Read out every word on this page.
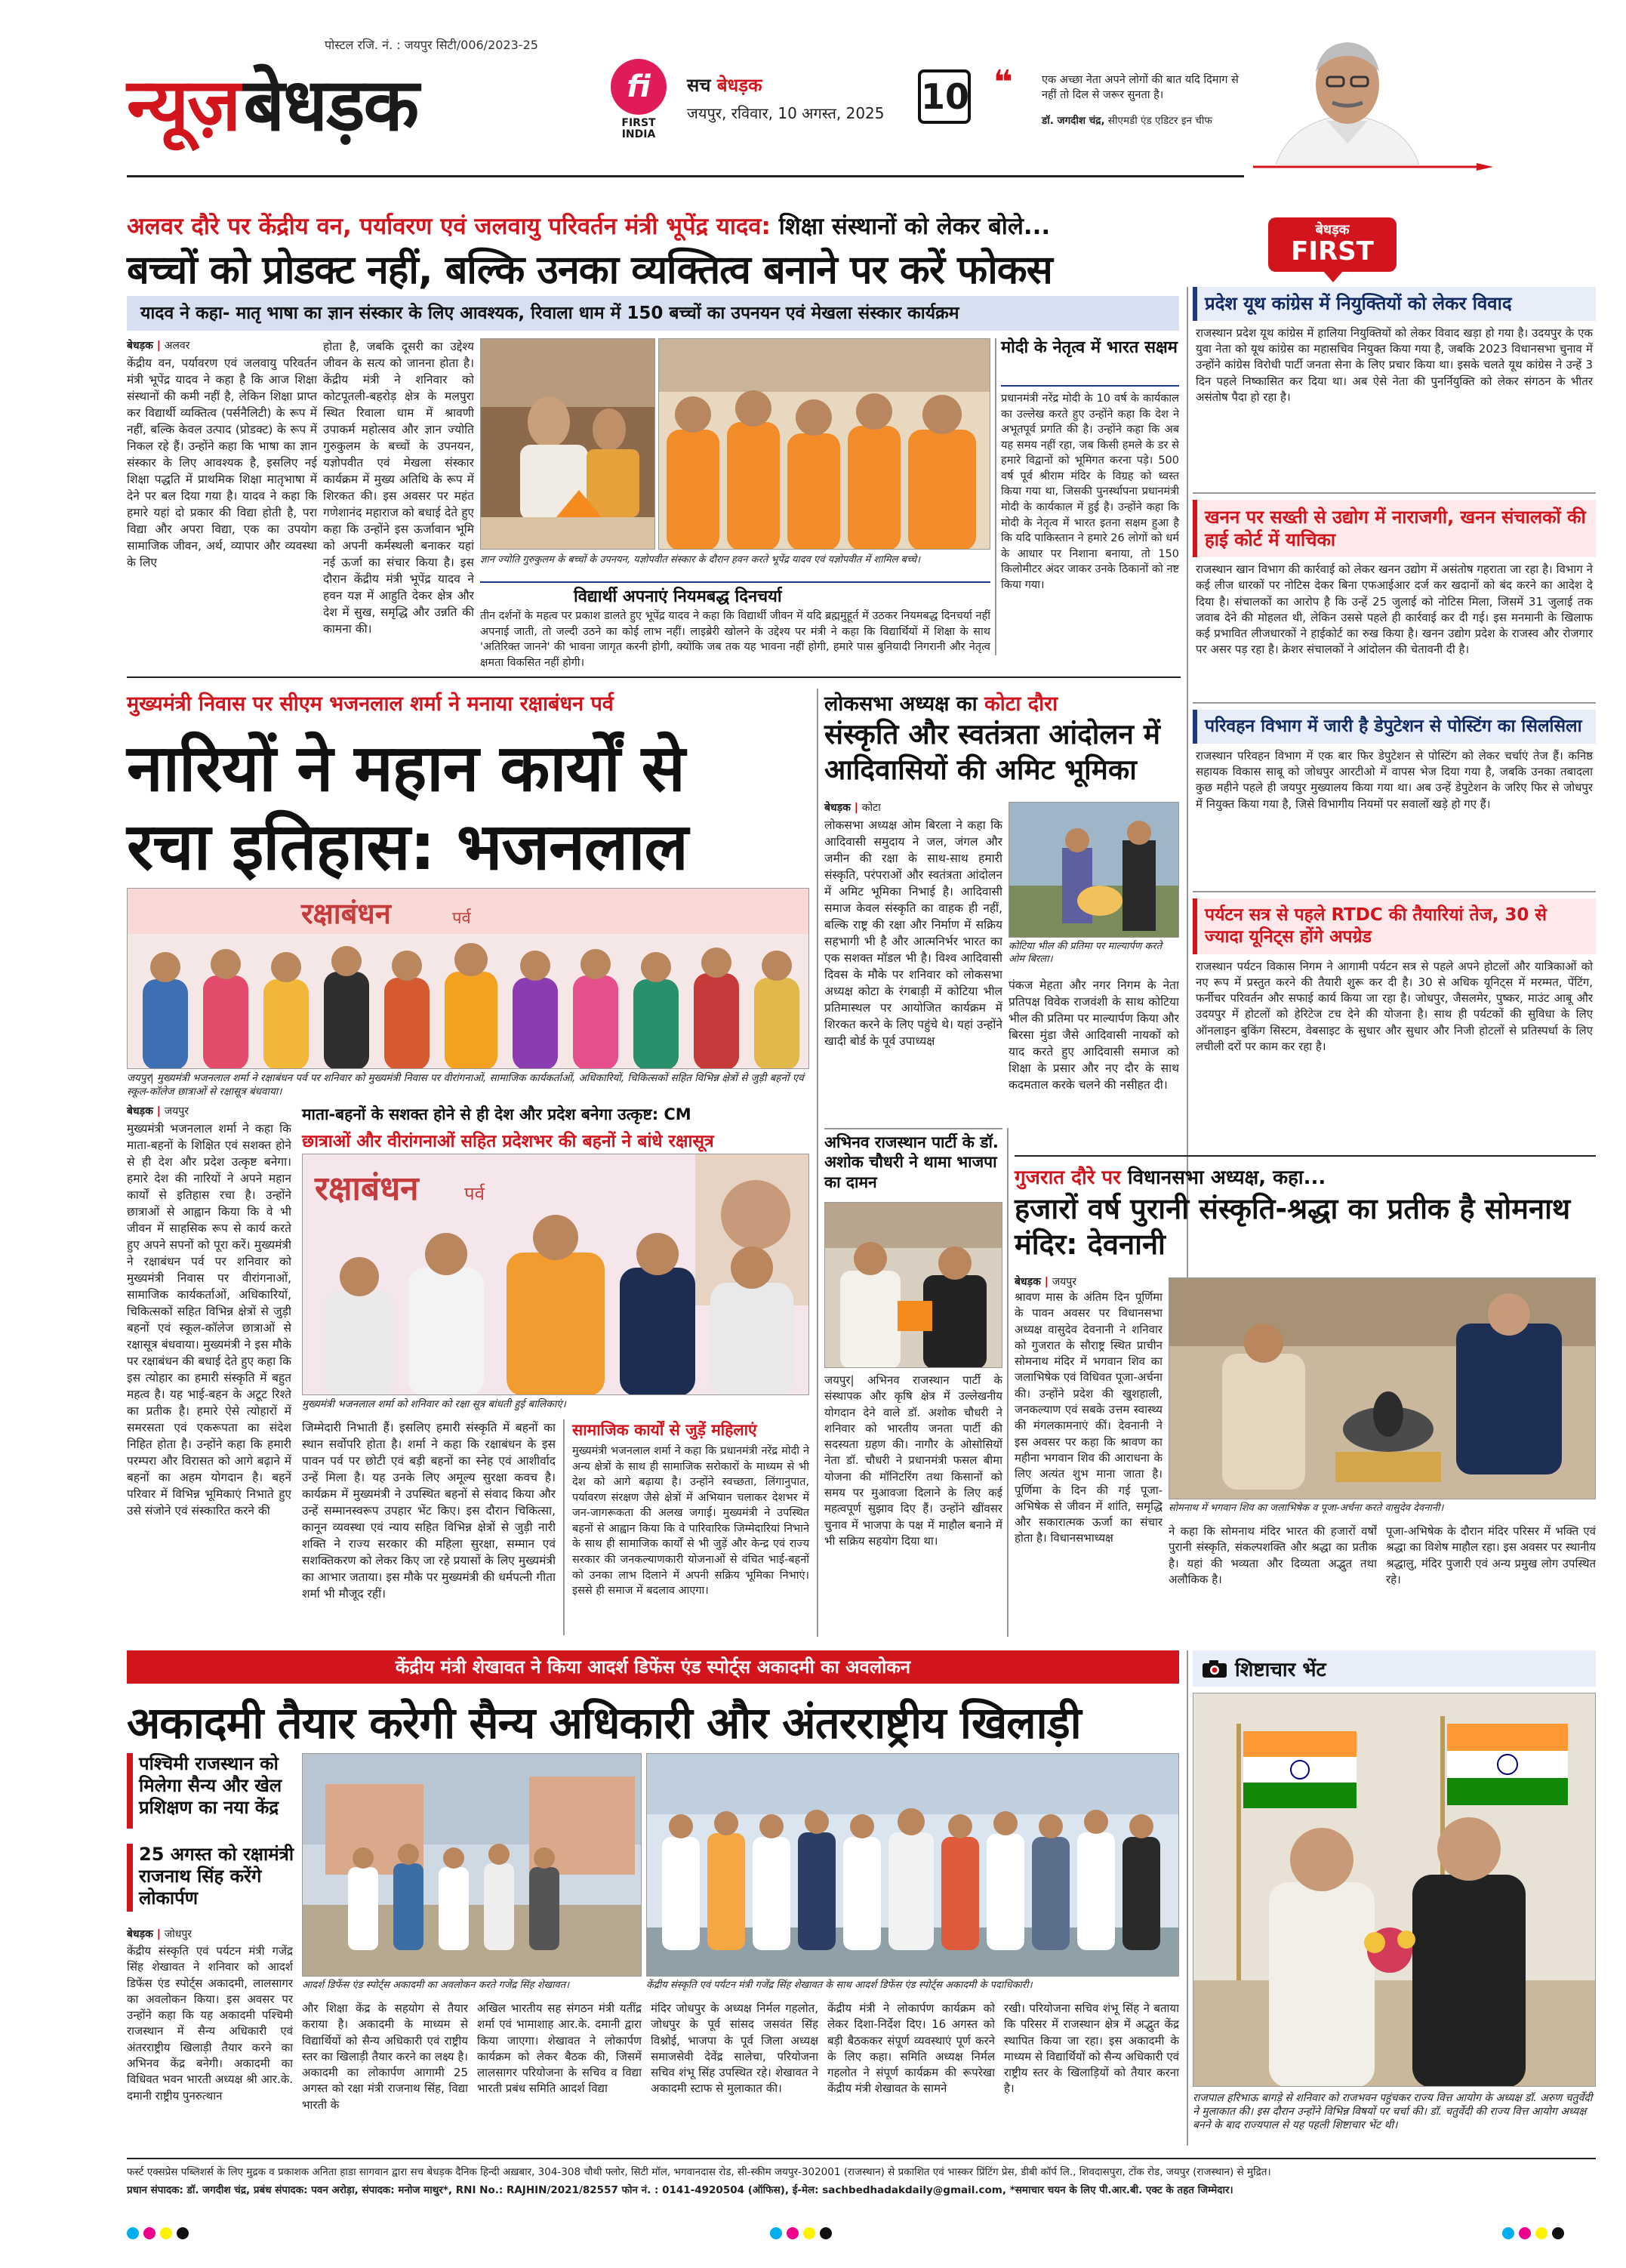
पोस्टल रजि. नं. : जयपुर सिटी/006/2023-25
न्यूज़ बेधड़क	fi
FIRST INDIA
सच बेधड़क
जयपुर, रविवार, 10 अगस्त, 2025 10 ❝	एक अच्छा नेता अपने लोगों की बात यदि दिमाग से नहीं तो दिल से जरूर सुनता है।
डॉ. जगदीश चंद्र, सीएमडी एंड एडिटर इन चीफ
बेधड़क
FIRST
अलवर दौरे पर केंद्रीय वन, पर्यावरण एवं जलवायु परिवर्तन मंत्री भूपेंद्र यादव: शिक्षा संस्थानों को लेकर बोले...
बच्चों को प्रोडक्ट नहीं, बल्कि उनका व्यक्तित्व बनाने पर करें फोकस
यादव ने कहा- मातृ भाषा का ज्ञान संस्कार के लिए आवश्यक, रिवाला धाम में 150 बच्चों का उपनयन एवं मेखला संस्कार कार्यक्रम
बेधड़क | अलवर
केंद्रीय वन, पर्यावरण एवं जलवायु परिवर्तन मंत्री भूपेंद्र यादव ने कहा है कि आज शिक्षा संस्थानों की कमी नहीं है, लेकिन शिक्षा प्राप्त कर विद्यार्थी व्यक्तित्व (पर्सनैलिटी) के रूप में नहीं, बल्कि केवल उत्पाद (प्रोडक्ट) के रूप में निकल रहे हैं। उन्होंने कहा कि भाषा का ज्ञान संस्कार के लिए आवश्यक है, इसलिए नई शिक्षा पद्धति में प्राथमिक शिक्षा मातृभाषा में देने पर बल दिया गया है। यादव ने कहा कि हमारे यहां दो प्रकार की विद्या होती है, परा विद्या और अपरा विद्या, एक का उपयोग सामाजिक जीवन, अर्थ, व्यापार और व्यवस्था के लिए
होता है, जबकि दूसरी का उद्देश्य जीवन के सत्य को जानना होता है। केंद्रीय मंत्री ने शनिवार को कोटपूतली-बहरोड़ क्षेत्र के मलपुरा स्थित रिवाला धाम में श्रावणी उपाकर्म महोत्सव और ज्ञान ज्योति गुरुकुलम के बच्चों के उपनयन, यज्ञोपवीत एवं मेखला संस्कार कार्यक्रम में मुख्य अतिथि के रूप में शिरकत की। इस अवसर पर महंत गणेशानंद महाराज को बधाई देते हुए कहा कि उन्होंने इस ऊर्जावान भूमि को अपनी कर्मस्थली बनाकर यहां नई ऊर्जा का संचार किया है। इस दौरान केंद्रीय मंत्री भूपेंद्र यादव ने हवन यज्ञ में आहुति देकर क्षेत्र और देश में सुख, समृद्धि और उन्नति की कामना की।
ज्ञान ज्योति गुरुकुलम के बच्चों के उपनयन, यज्ञोपवीत संस्कार के दौरान हवन करते भूपेंद्र यादव एवं यज्ञोपवीत में शामिल बच्चे।
विद्यार्थी अपनाएं नियमबद्ध दिनचर्या
तीन दर्शनों के महत्व पर प्रकाश डालते हुए भूपेंद्र यादव ने कहा कि विद्यार्थी जीवन में यदि ब्रह्ममुहूर्त में उठकर नियमबद्ध दिनचर्या नहीं अपनाई जाती, तो जल्दी उठने का कोई लाभ नहीं। लाइब्रेरी खोलने के उद्देश्य पर मंत्री ने कहा कि विद्यार्थियों में शिक्षा के साथ 'अतिरिक्त जानने' की भावना जागृत करनी होगी, क्योंकि जब तक यह भावना नहीं होगी, हमारे पास बुनियादी निगरानी और नेतृत्व क्षमता विकसित नहीं होगी।
मोदी के नेतृत्व में भारत सक्षम
प्रधानमंत्री नरेंद्र मोदी के 10 वर्ष के कार्यकाल का उल्लेख करते हुए उन्होंने कहा कि देश ने अभूतपूर्व प्रगति की है। उन्होंने कहा कि अब यह समय नहीं रहा, जब किसी हमले के डर से हमारे विद्वानों को भूमिगत करना पड़े। 500 वर्ष पूर्व श्रीराम मंदिर के विग्रह को ध्वस्त किया गया था, जिसकी पुनर्स्थापना प्रधानमंत्री मोदी के कार्यकाल में हुई है। उन्होंने कहा कि मोदी के नेतृत्व में भारत इतना सक्षम हुआ है कि यदि पाकिस्तान ने हमारे 26 लोगों को धर्म के आधार पर निशाना बनाया, तो 150 किलोमीटर अंदर जाकर उनके ठिकानों को नष्ट किया गया।
प्रदेश यूथ कांग्रेस में नियुक्तियों को लेकर विवाद
राजस्थान प्रदेश यूथ कांग्रेस में हालिया नियुक्तियों को लेकर विवाद खड़ा हो गया है। उदयपुर के एक युवा नेता को यूथ कांग्रेस का महासचिव नियुक्त किया गया है, जबकि 2023 विधानसभा चुनाव में उन्होंने कांग्रेस विरोधी पार्टी जनता सेना के लिए प्रचार किया था। इसके चलते यूथ कांग्रेस ने उन्हें 3 दिन पहले निष्कासित कर दिया था। अब ऐसे नेता की पुनर्नियुक्ति को लेकर संगठन के भीतर असंतोष पैदा हो रहा है।
खनन पर सख्ती से उद्योग में नाराजगी, खनन संचालकों की हाई कोर्ट में याचिका
राजस्थान खान विभाग की कार्रवाई को लेकर खनन उद्योग में असंतोष गहराता जा रहा है। विभाग ने कई लीज धारकों पर नोटिस देकर बिना एफआईआर दर्ज कर खदानों को बंद करने का आदेश दे दिया है। संचालकों का आरोप है कि उन्हें 25 जुलाई को नोटिस मिला, जिसमें 31 जुलाई तक जवाब देने की मोहलत थी, लेकिन उससे पहले ही कार्रवाई कर दी गई। इस मनमानी के खिलाफ कई प्रभावित लीजधारकों ने हाईकोर्ट का रुख किया है। खनन उद्योग प्रदेश के राजस्व और रोजगार पर असर पड़ रहा है। क्रेशर संचालकों ने आंदोलन की चेतावनी दी है।
परिवहन विभाग में जारी है डेपुटेशन से पोस्टिंग का सिलसिला
राजस्थान परिवहन विभाग में एक बार फिर डेपुटेशन से पोस्टिंग को लेकर चर्चाएं तेज हैं। कनिष्ठ सहायक विकास साबू को जोधपुर आरटीओ में वापस भेज दिया गया है, जबकि उनका तबादला कुछ महीने पहले ही जयपुर मुख्यालय किया गया था। अब उन्हें डेपुटेशन के जरिए फिर से जोधपुर में नियुक्त किया गया है, जिसे विभागीय नियमों पर सवालों खड़े हो गए हैं।
पर्यटन सत्र से पहले RTDC की तैयारियां तेज, 30 से ज्यादा यूनिट्स होंगे अपग्रेड
राजस्थान पर्यटन विकास निगम ने आगामी पर्यटन सत्र से पहले अपने होटलों और यात्रिकाओं को नए रूप में प्रस्तुत करने की तैयारी शुरू कर दी है। 30 से अधिक यूनिट्स में मरम्मत, पेंटिंग, फर्नीचर परिवर्तन और सफाई कार्य किया जा रहा है। जोधपुर, जैसलमेर, पुष्कर, माउंट आबू और उदयपुर में होटलों को हेरिटेज टच देने की योजना है। साथ ही पर्यटकों की सुविधा के लिए ऑनलाइन बुकिंग सिस्टम, वेबसाइट के सुधार और सुधार और निजी होटलों से प्रतिस्पर्धा के लिए लचीली दरों पर काम कर रहा है।
मुख्यमंत्री निवास पर सीएम भजनलाल शर्मा ने मनाया रक्षाबंधन पर्व
नारियों ने महान कार्यों से
रचा इतिहास: भजनलाल
रक्षाबंधन	पर्व
जयपुर| मुख्यमंत्री भजनलाल शर्मा ने रक्षाबंधन पर्व पर शनिवार को मुख्यमंत्री निवास पर वीरांगनाओं, सामाजिक कार्यकर्ताओं, अधिकारियों, चिकित्सकों सहित विभिन्न क्षेत्रों से जुड़ी बहनों एवं स्कूल-कॉलेज छात्राओं से रक्षासूत्र बंधवाया।
बेधड़क | जयपुर
मुख्यमंत्री भजनलाल शर्मा ने कहा कि माता-बहनों के शिक्षित एवं सशक्त होने से ही देश और प्रदेश उत्कृष्ट बनेगा। हमारे देश की नारियों ने अपने महान कार्यों से इतिहास रचा है। उन्होंने छात्राओं से आह्वान किया कि वे भी जीवन में साहसिक रूप से कार्य करते हुए अपने सपनों को पूरा करें। मुख्यमंत्री ने रक्षाबंधन पर्व पर शनिवार को मुख्यमंत्री निवास पर वीरांगनाओं, सामाजिक कार्यकर्ताओं, अधिकारियों, चिकित्सकों सहित विभिन्न क्षेत्रों से जुड़ी बहनों एवं स्कूल-कॉलेज छात्राओं से रक्षासूत्र बंधवाया। मुख्यमंत्री ने इस मौके पर रक्षाबंधन की बधाई देते हुए कहा कि इस त्योहार का हमारी संस्कृति में बहुत महत्व है। यह भाई-बहन के अटूट रिश्ते का प्रतीक है। हमारे ऐसे त्योहारों में समरसता एवं एकरूपता का संदेश निहित होता है। उन्होंने कहा कि हमारी परम्परा और विरासत को आगे बढ़ाने में बहनों का अहम योगदान है। बहनें परिवार में विभिन्न भूमिकाएं निभाते हुए उसे संजोने एवं संस्कारित करने की
माता-बहनों के सशक्त होने से ही देश और प्रदेश बनेगा उत्कृष्ट: CM
छात्राओं और वीरांगनाओं सहित प्रदेशभर की बहनों ने बांधे रक्षासूत्र
रक्षाबंधन	पर्व
मुख्यमंत्री भजनलाल शर्मा को शनिवार को रक्षा सूत्र बांधती हुई बालिकाएं।
जिम्मेदारी निभाती हैं। इसलिए हमारी संस्कृति में बहनों का स्थान सर्वोपरि होता है। शर्मा ने कहा कि रक्षाबंधन के इस पावन पर्व पर छोटी एवं बड़ी बहनों का स्नेह एवं आशीर्वाद उन्हें मिला है। यह उनके लिए अमूल्य सुरक्षा कवच है। कार्यक्रम में मुख्यमंत्री ने उपस्थित बहनों से संवाद किया और उन्हें सम्मानस्वरूप उपहार भेंट किए। इस दौरान चिकित्सा, कानून व्यवस्था एवं न्याय सहित विभिन्न क्षेत्रों से जुड़ी नारी शक्ति ने राज्य सरकार की महिला सुरक्षा, सम्मान एवं सशक्तिकरण को लेकर किए जा रहे प्रयासों के लिए मुख्यमंत्री का आभार जताया। इस मौके पर मुख्यमंत्री की धर्मपत्नी गीता शर्मा भी मौजूद रहीं।
सामाजिक कार्यों से जुड़ें महिलाएं
मुख्यमंत्री भजनलाल शर्मा ने कहा कि प्रधानमंत्री नरेंद्र मोदी ने अन्य क्षेत्रों के साथ ही सामाजिक सरोकारों के माध्यम से भी देश को आगे बढ़ाया है। उन्होंने स्वच्छता, लिंगानुपात, पर्यावरण संरक्षण जैसे क्षेत्रों में अभियान चलाकर देशभर में जन-जागरूकता की अलख जगाई। मुख्यमंत्री ने उपस्थित बहनों से आह्वान किया कि वे पारिवारिक जिम्मेदारियां निभाने के साथ ही सामाजिक कार्यों से भी जुड़ें और केन्द्र एवं राज्य सरकार की जनकल्याणकारी योजनाओं से वंचित भाई-बहनों को उनका लाभ दिलाने में अपनी सक्रिय भूमिका निभाएं। इससे ही समाज में बदलाव आएगा।
लोकसभा अध्यक्ष का कोटा दौरा
संस्कृति और स्वतंत्रता आंदोलन में आदिवासियों की अमिट भूमिका
बेधड़क | कोटा
लोकसभा अध्यक्ष ओम बिरला ने कहा कि आदिवासी समुदाय ने जल, जंगल और जमीन की रक्षा के साथ-साथ हमारी संस्कृति, परंपराओं और स्वतंत्रता आंदोलन में अमिट भूमिका निभाई है। आदिवासी समाज केवल संस्कृति का वाहक ही नहीं, बल्कि राष्ट्र की रक्षा और निर्माण में सक्रिय सहभागी भी है और आत्मनिर्भर भारत का एक सशक्त मॉडल भी है। विश्व आदिवासी दिवस के मौके पर शनिवार को लोकसभा अध्यक्ष कोटा के रंगबाड़ी में कोटिया भील प्रतिमास्थल पर आयोजित कार्यक्रम में शिरकत करने के लिए पहुंचे थे। यहां उन्होंने खादी बोर्ड के पूर्व उपाध्यक्ष
कोटिया भील की प्रतिमा पर माल्यार्पण करते ओम बिरला।
पंकज मेहता और नगर निगम के नेता प्रतिपक्ष विवेक राजवंशी के साथ कोटिया भील की प्रतिमा पर माल्यार्पण किया और बिरसा मुंडा जैसे आदिवासी नायकों को याद करते हुए आदिवासी समाज को शिक्षा के प्रसार और नए दौर के साथ कदमताल करके चलने की नसीहत दी।
अभिनव राजस्थान पार्टी के डॉ. अशोक चौधरी ने थामा भाजपा का दामन
जयपुर| अभिनव राजस्थान पार्टी के संस्थापक और कृषि क्षेत्र में उल्लेखनीय योगदान देने वाले डॉ. अशोक चौधरी ने शनिवार को भारतीय जनता पार्टी की सदस्यता ग्रहण की। नागौर के ओसोसियों नेता डॉ. चौधरी ने प्रधानमंत्री फसल बीमा योजना की मॉनिटरिंग तथा किसानों को समय पर मुआवजा दिलाने के लिए कई महत्वपूर्ण सुझाव दिए हैं। उन्होंने खींवसर चुनाव में भाजपा के पक्ष में माहौल बनाने में भी सक्रिय सहयोग दिया था।
गुजरात दौरे पर विधानसभा अध्यक्ष, कहा...
हजारों वर्ष पुरानी संस्कृति-श्रद्धा का प्रतीक है सोमनाथ मंदिर: देवनानी
बेधड़क | जयपुर
श्रावण मास के अंतिम दिन पूर्णिमा के पावन अवसर पर विधानसभा अध्यक्ष वासुदेव देवनानी ने शनिवार को गुजरात के सौराष्ट्र स्थित प्राचीन सोमनाथ मंदिर में भगवान शिव का जलाभिषेक एवं विधिवत पूजा-अर्चना की। उन्होंने प्रदेश की खुशहाली, जनकल्याण एवं सबके उत्तम स्वास्थ्य की मंगलकामनाएं कीं। देवनानी ने इस अवसर पर कहा कि श्रावण का महीना भगवान शिव की आराधना के लिए अत्यंत शुभ माना जाता है। पूर्णिमा के दिन की गई पूजा-अभिषेक से जीवन में शांति, समृद्धि और सकारात्मक ऊर्जा का संचार होता है। विधानसभाध्यक्ष
सोमनाथ में भगवान शिव का जलाभिषेक व पूजा-अर्चना करते वासुदेव देवनानी।
ने कहा कि सोमनाथ मंदिर भारत की हजारों वर्षों पुरानी संस्कृति, संकल्पशक्ति और श्रद्धा का प्रतीक है। यहां की भव्यता और दिव्यता अद्भुत तथा अलौकिक है।
पूजा-अभिषेक के दौरान मंदिर परिसर में भक्ति एवं श्रद्धा का विशेष माहौल रहा। इस अवसर पर स्थानीय श्रद्धालु, मंदिर पुजारी एवं अन्य प्रमुख लोग उपस्थित रहे।
केंद्रीय मंत्री शेखावत ने किया आदर्श डिफेंस एंड स्पोर्ट्स अकादमी का अवलोकन
अकादमी तैयार करेगी सैन्य अधिकारी और अंतरराष्ट्रीय खिलाड़ी
पश्चिमी राजस्थान को मिलेगा सैन्य और खेल प्रशिक्षण का नया केंद्र
25 अगस्त को रक्षामंत्री राजनाथ सिंह करेंगे लोकार्पण
बेधड़क | जोधपुर
केंद्रीय संस्कृति एवं पर्यटन मंत्री गजेंद्र सिंह शेखावत ने शनिवार को आदर्श डिफेंस एंड स्पोर्ट्स अकादमी, लालसागर का अवलोकन किया। इस अवसर पर उन्होंने कहा कि यह अकादमी पश्चिमी राजस्थान में सैन्य अधिकारी एवं अंतरराष्ट्रीय खिलाड़ी तैयार करने का अभिनव केंद्र बनेगी। अकादमी का विधिवत भवन भारती अध्यक्ष श्री आर.के. दमानी राष्ट्रीय पुनरुत्थान
आदर्श डिफेंस एंड स्पोर्ट्स अकादमी का अवलोकन करते गजेंद्र सिंह शेखावत।	केंद्रीय संस्कृति एवं पर्यटन मंत्री गजेंद्र सिंह शेखावत के साथ आदर्श डिफेंस एंड स्पोर्ट्स अकादमी के पदाधिकारी।
और शिक्षा केंद्र के सहयोग से तैयार कराया है। अकादमी के माध्यम से विद्यार्थियों को सैन्य अधिकारी एवं राष्ट्रीय स्तर का खिलाड़ी तैयार करने का लक्ष्य है। अकादमी का लोकार्पण आगामी 25 अगस्त को रक्षा मंत्री राजनाथ सिंह, विद्या भारती के
अखिल भारतीय सह संगठन मंत्री यतींद्र शर्मा एवं भामाशाह आर.के. दमानी द्वारा किया जाएगा। शेखावत ने लोकार्पण कार्यक्रम को लेकर बैठक की, जिसमें लालसागर परियोजना के सचिव व विद्या भारती प्रबंध समिति आदर्श विद्या
मंदिर जोधपुर के अध्यक्ष निर्मल गहलोत, जोधपुर के पूर्व सांसद जसवंत सिंह विश्नोई, भाजपा के पूर्व जिला अध्यक्ष समाजसेवी देवेंद्र सालेचा, परियोजना सचिव शंभू सिंह उपस्थित रहे। शेखावत ने अकादमी स्टाफ से मुलाकात की।
केंद्रीय मंत्री ने लोकार्पण कार्यक्रम को लेकर दिशा-निर्देश दिए। 16 अगस्त को बड़ी बैठककर संपूर्ण व्यवस्थाएं पूर्ण करने के लिए कहा। समिति अध्यक्ष निर्मल गहलोत ने संपूर्ण कार्यक्रम की रूपरेखा केंद्रीय मंत्री शेखावत के सामने
रखी। परियोजना सचिव शंभू सिंह ने बताया कि परिसर में राजस्थान क्षेत्र में अद्भुत केंद्र स्थापित किया जा रहा। इस अकादमी के माध्यम से विद्यार्थियों को सैन्य अधिकारी एवं राष्ट्रीय स्तर के खिलाड़ियों को तैयार करना है।
शिष्टाचार भेंट
राजपाल हरिभाऊ बागड़े से शनिवार को राजभवन पहुंचकर राज्य वित्त आयोग के अध्यक्ष डॉ. अरुण चतुर्वेदी ने मुलाकात की। इस दौरान उन्होंने विभिन्न विषयों पर चर्चा की। डॉ. चतुर्वेदी की राज्य वित्त आयोग अध्यक्ष बनने के बाद राज्यपाल से यह पहली शिष्टाचार भेंट थी।
फर्स्ट एक्सप्रेस पब्लिशर्स के लिए मुद्रक व प्रकाशक अनिता हाडा सागवान द्वारा सच बेधड़क दैनिक हिन्दी अख़बार, 304-308 चौथी फ्लोर, सिटी मॉल, भगवानदास रोड, सी-स्कीम जयपुर-302001 (राजस्थान) से प्रकाशित एवं भास्कर प्रिंटिंग प्रेस, डीबी कॉर्प लि., शिवदासपुरा, टोंक रोड, जयपुर (राजस्थान) से मुद्रित।
प्रधान संपादक: डॉ. जगदीश चंद्र, प्रबंध संपादक: पवन अरोड़ा, संपादक: मनोज माथुर*, RNI No.: RAJHIN/2021/82557 फोन नं. : 0141-4920504 (ऑफिस), ई-मेल: sachbedhadakdaily@gmail.com, *समाचार चयन के लिए पी.आर.बी. एक्ट के तहत जिम्मेदार।
